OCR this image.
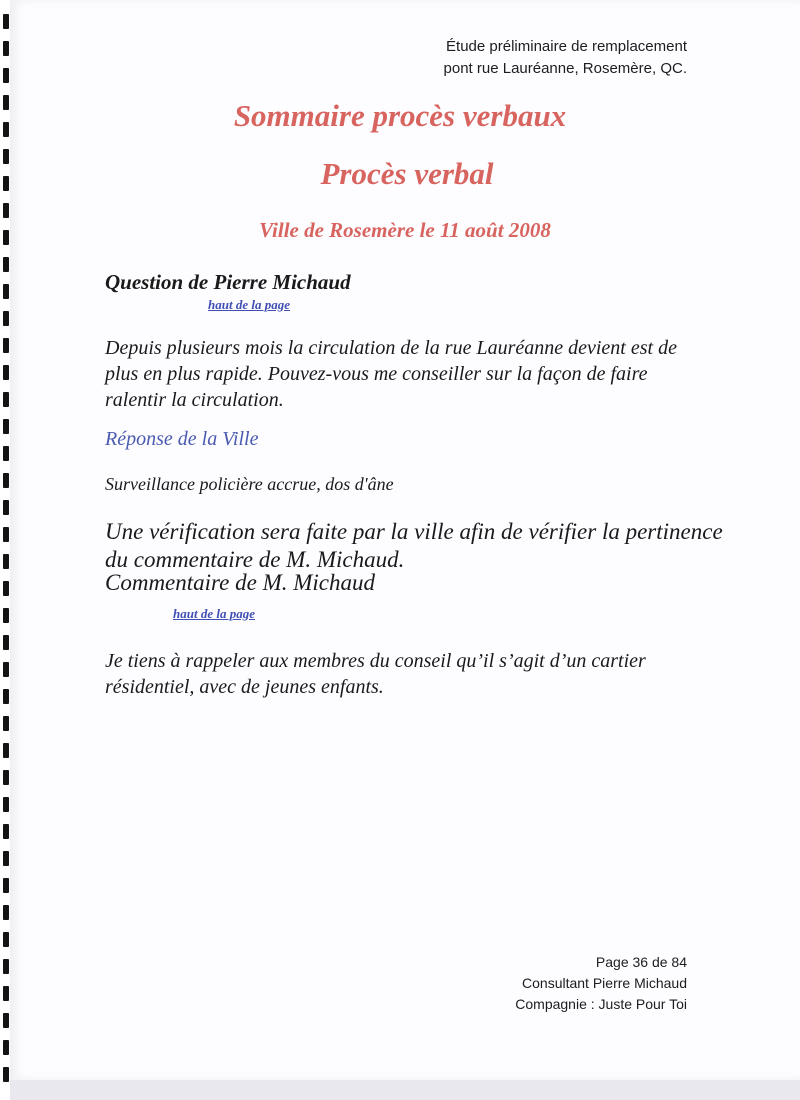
Étude préliminaire de remplacement
pont rue Lauréanne, Rosemère, QC.
Sommaire procès verbaux
Procès verbal
Ville de Rosemère le 11 août 2008
Question de Pierre Michaud
haut de la page

Depuis plusieurs mois la circulation de la rue Lauréanne devient est de plus en plus rapide. Pouvez-vous me conseiller sur la façon de faire ralentir la circulation.

Réponse de la Ville
Surveillance policière accrue, dos d'âne
Une vérification sera faite par la ville afin de vérifier la pertinence du commentaire de M. Michaud.
Commentaire de M. Michaud
haut de la page

Je tiens à rappeler aux membres du conseil qu’il s’agit d’un cartier résidentiel, avec de jeunes enfants.

Page 36 de 84
Consultant Pierre Michaud
Compagnie : Juste Pour Toi
